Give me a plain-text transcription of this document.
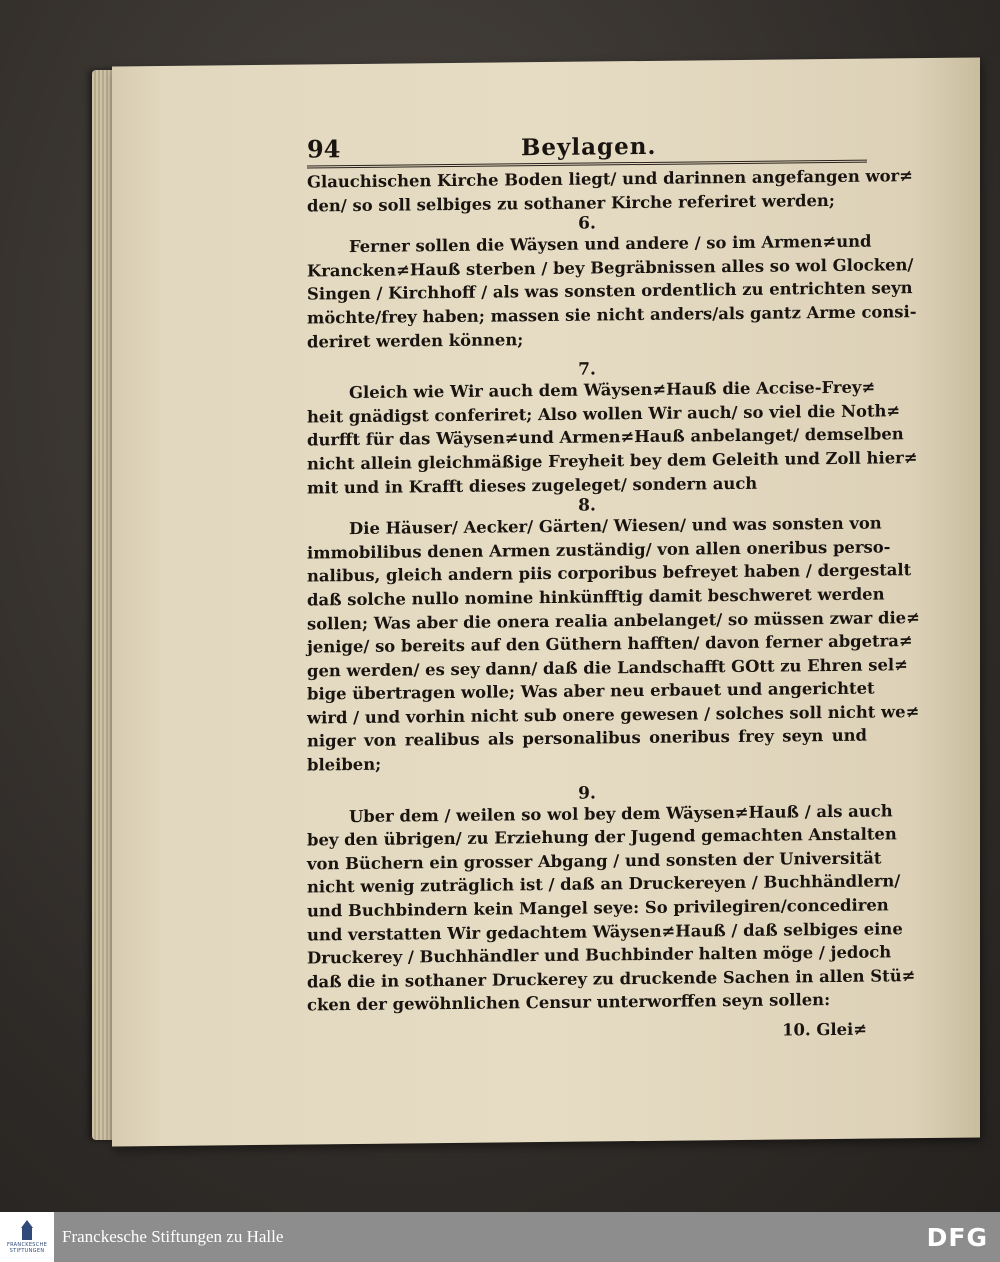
94	Beylagen.
Glauchischen Kirche Boden liegt/ und darinnen angefangen wor≠
den/ so soll selbiges zu sothaner Kirche referiret werden;
6.
Ferner sollen die Wäysen und andere / so im Armen≠und
Krancken≠Hauß sterben / bey Begräbnissen alles so wol Glocken/
Singen / Kirchhoff / als was sonsten ordentlich zu entrichten seyn
möchte/frey haben; massen sie nicht anders/als gantz Arme consi-
deriret werden können;
7.
Gleich wie Wir auch dem Wäysen≠Hauß die Accise-Frey≠
heit gnädigst conferiret; Also wollen Wir auch/ so viel die Noth≠
durfft für das Wäysen≠und Armen≠Hauß anbelanget/ demselben
nicht allein gleichmäßige Freyheit bey dem Geleith und Zoll hier≠
mit und in Krafft dieses zugeleget/ sondern auch
8.
Die Häuser/ Aecker/ Gärten/ Wiesen/ und was sonsten von
immobilibus denen Armen zuständig/ von allen oneribus perso-
nalibus, gleich andern piis corporibus befreyet haben / dergestalt
daß solche nullo nomine hinkünfftig damit beschweret werden
sollen; Was aber die onera realia anbelanget/ so müssen zwar die≠
jenige/ so bereits auf den Güthern hafften/ davon ferner abgetra≠
gen werden/ es sey dann/ daß die Landschafft GOtt zu Ehren sel≠
bige übertragen wolle; Was aber neu erbauet und angerichtet
wird / und vorhin nicht sub onere gewesen / solches soll nicht we≠
niger von realibus als personalibus oneribus frey seyn und
bleiben;
9.
Uber dem / weilen so wol bey dem Wäysen≠Hauß / als auch
bey den übrigen/ zu Erziehung der Jugend gemachten Anstalten
von Büchern ein grosser Abgang / und sonsten der Universität
nicht wenig zuträglich ist / daß an Druckereyen / Buchhändlern/
und Buchbindern kein Mangel seye: So privilegiren/concediren
und verstatten Wir gedachtem Wäysen≠Hauß / daß selbiges eine
Druckerey / Buchhändler und Buchbinder halten möge / jedoch
daß die in sothaner Druckerey zu druckende Sachen in allen Stü≠
cken der gewöhnlichen Censur unterworffen seyn sollen:
10. Glei≠
FRANCKESCHE
STIFTUNGEN
Franckesche Stiftungen zu Halle	DFG
